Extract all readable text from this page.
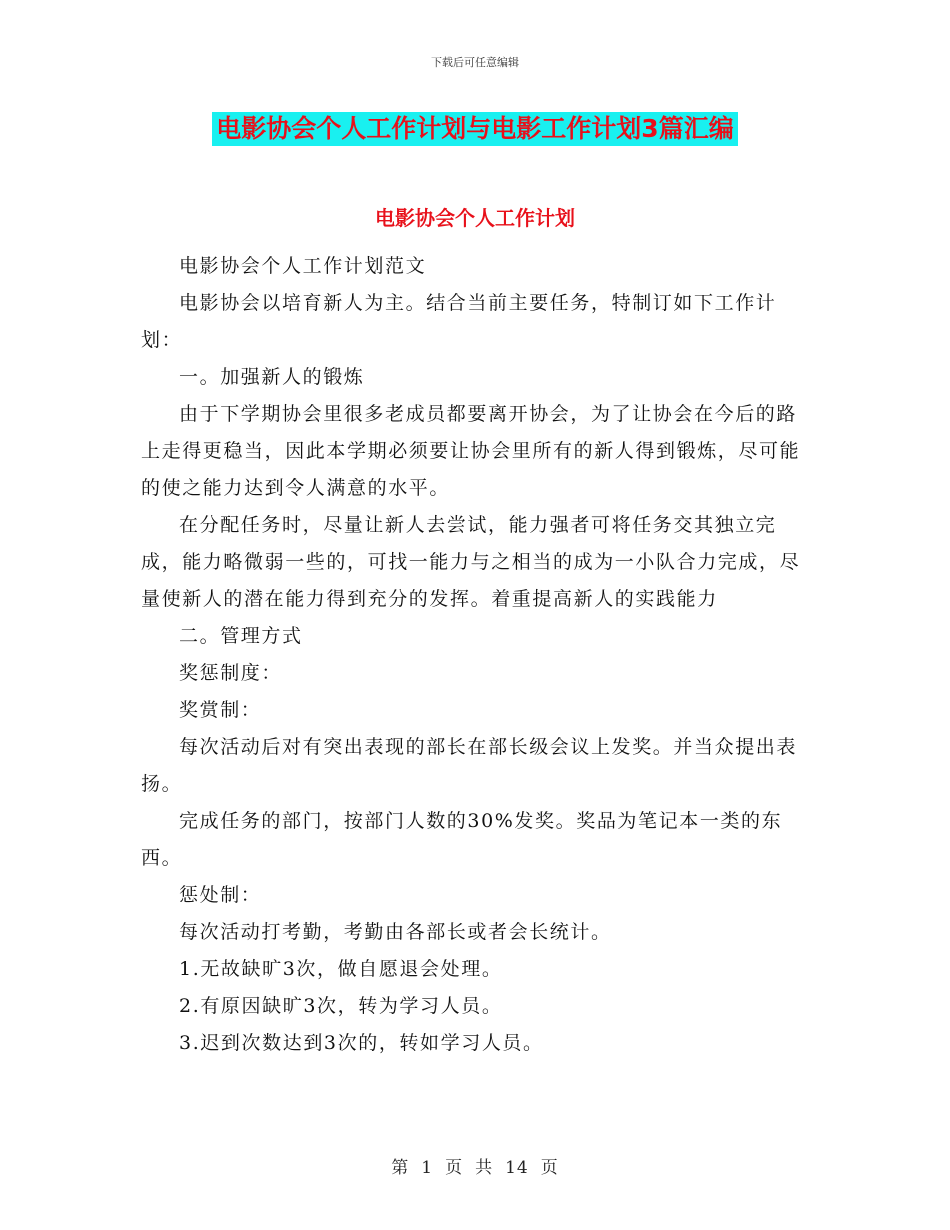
下载后可任意编辑
电影协会个人工作计划与电影工作计划3篇汇编
电影协会个人工作计划

电影协会个人工作计划范文

电影协会以培育新人为主。结合当前主要任务，特制订如下工作计划：

一。加强新人的锻炼

由于下学期协会里很多老成员都要离开协会，为了让协会在今后的路上走得更稳当，因此本学期必须要让协会里所有的新人得到锻炼，尽可能的使之能力达到令人满意的水平。

在分配任务时，尽量让新人去尝试，能力强者可将任务交其独立完成，能力略微弱一些的，可找一能力与之相当的成为一小队合力完成，尽量使新人的潜在能力得到充分的发挥。着重提高新人的实践能力

二。管理方式

奖惩制度：

奖赏制：

每次活动后对有突出表现的部长在部长级会议上发奖。并当众提出表扬。

完成任务的部门，按部门人数的30%发奖。奖品为笔记本一类的东西。

惩处制：

每次活动打考勤，考勤由各部长或者会长统计。

1.无故缺旷3次，做自愿退会处理。

2.有原因缺旷3次，转为学习人员。

3.迟到次数达到3次的，转如学习人员。

第 1 页 共 14 页
